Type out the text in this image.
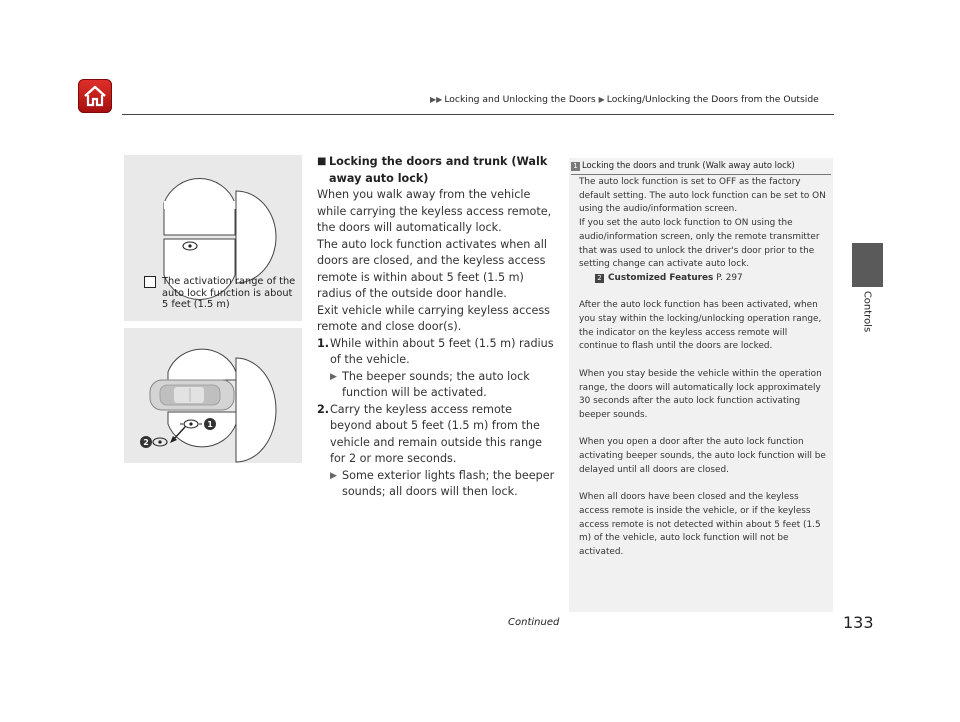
▶▶ Locking and Unlocking the Doors ▶ Locking/Unlocking the Doors from the Outside
Controls
The activation range of the auto lock function is about 5 feet (1.5 m)
1
2
■ Locking the doors and trunk (Walk away auto lock)

When you walk away from the vehicle while carrying the keyless access remote, the doors will automatically lock.

The auto lock function activates when all doors are closed, and the keyless access remote is within about 5 feet (1.5 m) radius of the outside door handle.

Exit vehicle while carrying keyless access remote and close door(s).

1. While within about 5 feet (1.5 m) radius of the vehicle.
▶ The beeper sounds; the auto lock function will be activated.
2. Carry the keyless access remote beyond about 5 feet (1.5 m) from the vehicle and remain outside this range for 2 or more seconds.
▶ Some exterior lights flash; the beeper sounds; all doors will then lock.
1 Locking the doors and trunk (Walk away auto lock)

The auto lock function is set to OFF as the factory default setting. The auto lock function can be set to ON using the audio/information screen.
If you set the auto lock function to ON using the audio/information screen, only the remote transmitter that was used to unlock the driver's door prior to the setting change can activate auto lock.

2 Customized Features P. 297

After the auto lock function has been activated, when you stay within the locking/unlocking operation range, the indicator on the keyless access remote will continue to flash until the doors are locked.

When you stay beside the vehicle within the operation range, the doors will automatically lock approximately 30 seconds after the auto lock function activating beeper sounds.

When you open a door after the auto lock function activating beeper sounds, the auto lock function will be delayed until all doors are closed.

When all doors have been closed and the keyless access remote is inside the vehicle, or if the keyless access remote is not detected within about 5 feet (1.5 m) of the vehicle, auto lock function will not be activated.

Continued	133
